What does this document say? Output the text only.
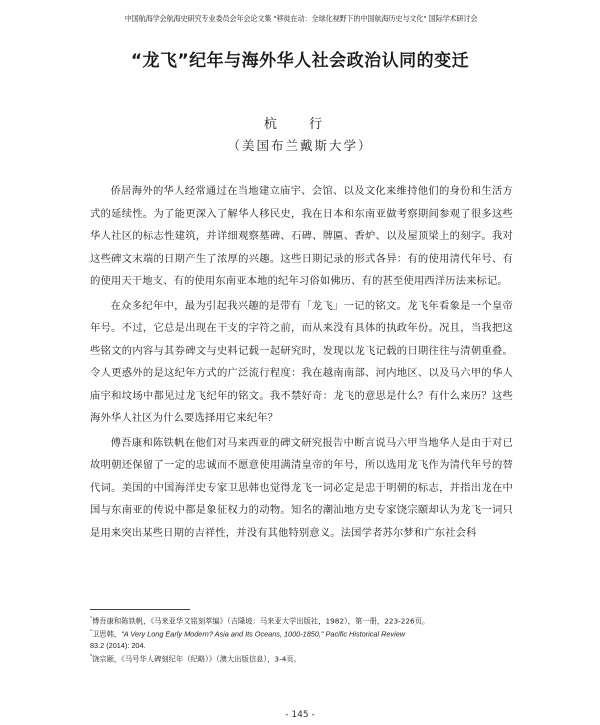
中国航海学会航海史研究专业委员会年会论文集 "移徙在动：全球化视野下的中国航海历史与文化" 国际学术研讨会
“龙飞”纪年与海外华人社会政治认同的变迁
杭 行
（美国布兰戴斯大学）

侨居海外的华人经常通过在当地建立庙宇、会馆、以及文化来维持他们的身份和生活方式的延续性。为了能更深入了解华人移民史，我在日本和东南亚做考察期间参观了很多这些华人社区的标志性建筑，并详细观察墓碑、石碑、牌匾、香炉、以及屋顶梁上的刻字。我对这些碑文末端的日期产生了浓厚的兴趣。这些日期记录的形式各异：有的使用清代年号、有的使用天干地支、有的使用东南亚本地的纪年习俗如佛历、有的甚至使用西洋历法来标记。

在众多纪年中，最为引起我兴趣的是带有「龙飞」一记的铭文。龙飞年看象是一个皇帝年号。不过，它总是出现在干支的字符之前，而从来没有具体的执政年份。况且，当我把这些铭文的内容与其券碑文与史料记载一起研究时，发现以龙飞记载的日期往往与清朝重叠。令人更惑外的是这纪年方式的广泛流行程度：我在越南南部、河内地区、以及马六甲的华人庙宇和坟场中都见过龙飞纪年的铭文。我不禁好奇：龙飞的意思是什么？有什么来历？这些海外华人社区为什么要选择用它来纪年？

傅吾康和陈铁帆在他们对马来西亚的碑文研究报告中断言说马六甲当地华人是由于对已故明朝还保留了一定的忠诚而不愿意使用满清皇帝的年号，所以选用龙飞作为清代年号的替代词。美国的中国海洋史专家卫思韩也觉得龙飞一词必定是忠于明朝的标志，并指出龙在中国与东南亚的传说中都是象征权力的动物。知名的潮汕地方史专家饶宗颐却认为龙飞一词只是用来突出某些日期的吉祥性，并没有其他特别意义。法国学者苏尔梦和广东社会科

$^{^1}$傅吾康和陈铁帆，《马来亚华文铭刻萃编》（吉隆坡：马来亚大学出版社，1982），第一册，223-226页。

$^{^2}$卫思韩，"A Very Long Early Modern? Asia and Its Oceans, 1000-1850," Pacific Historical Review
83.2 (2014): 204.

$^{^3}$饶宗颐，《马号华人碑刻纪年（纪略）》（澳大出版信息），3-4页。

- 145 -
